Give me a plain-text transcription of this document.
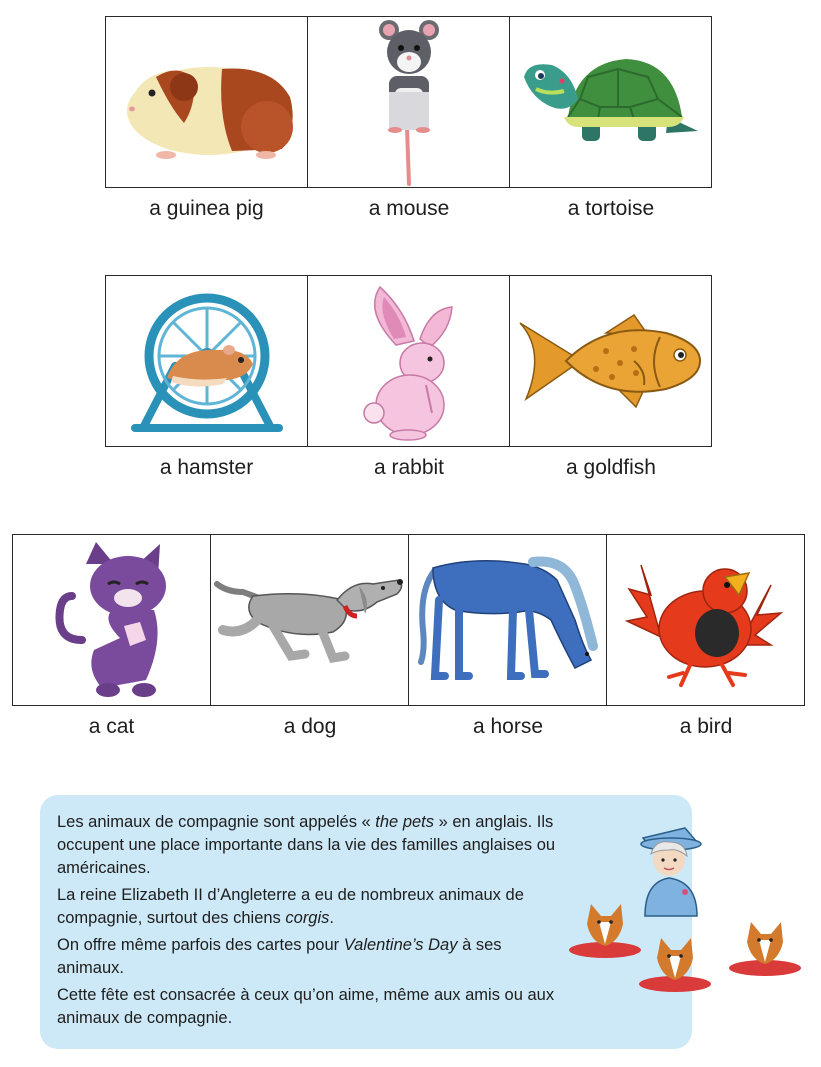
a guinea pig	a mouse	a tortoise
a hamster	a rabbit	a goldfish
a cat	a dog	a horse	a bird

Les animaux de compagnie sont appelés « the pets » en anglais. Ils occupent une place importante dans la vie des familles anglaises ou américaines.

La reine Elizabeth II d’Angleterre a eu de nombreux animaux de compagnie, surtout des chiens corgis.

On offre même parfois des cartes pour Valentine’s Day à ses animaux.

Cette fête est consacrée à ceux qu’on aime, même aux amis ou aux animaux de compagnie.
